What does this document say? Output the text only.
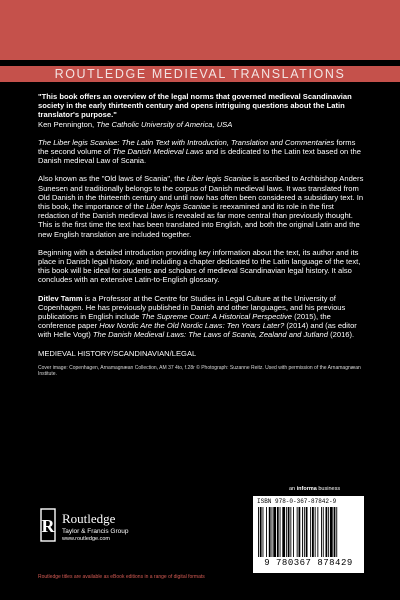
ROUTLEDGE MEDIEVAL TRANSLATIONS

"This book offers an overview of the legal norms that governed medieval Scandinavian society in the early thirteenth century and opens intriguing questions about the Latin translator's purpose."
Ken Pennington, The Catholic University of America, USA

The Liber legis Scaniae: The Latin Text with Introduction, Translation and Commentaries forms the second volume of The Danish Medieval Laws and is dedicated to the Latin text based on the Danish medieval Law of Scania.

Also known as the "Old laws of Scania", the Liber legis Scaniae is ascribed to Archbishop Anders Sunesen and traditionally belongs to the corpus of Danish medieval laws. It was translated from Old Danish in the thirteenth century and until now has often been considered a subsidiary text. In this book, the importance of the Liber legis Scaniae is reexamined and its role in the first redaction of the Danish medieval laws is revealed as far more central than previously thought. This is the first time the text has been translated into English, and both the original Latin and the new English translation are included together.

Beginning with a detailed introduction providing key information about the text, its author and its place in Danish legal history, and including a chapter dedicated to the Latin language of the text, this book will be ideal for students and scholars of medieval Scandinavian legal history. It also concludes with an extensive Latin-to-English glossary.

Ditlev Tamm is a Professor at the Centre for Studies in Legal Culture at the University of Copenhagen. He has previously published in Danish and other languages, and his previous publications in English include The Supreme Court: A Historical Perspective (2015), the conference paper How Nordic Are the Old Nordic Laws: Ten Years Later? (2014) and (as editor with Helle Vogt) The Danish Medieval Laws: The Laws of Scania, Zealand and Jutland (2016).

MEDIEVAL HISTORY/SCANDINAVIAN/LEGAL

Cover image: Copenhagen, Arnamagnæan Collection, AM 37 4to, f.28r © Photograph: Suzanne Reitz. Used with permission of the Arnamagnæan Institute.

an informa business
R Routledge
Taylor & Francis Group
www.routledge.com
ISBN 978-0-367-87842-9
9 780367 878429
Routledge titles are available as eBook editions in a range of digital formats
